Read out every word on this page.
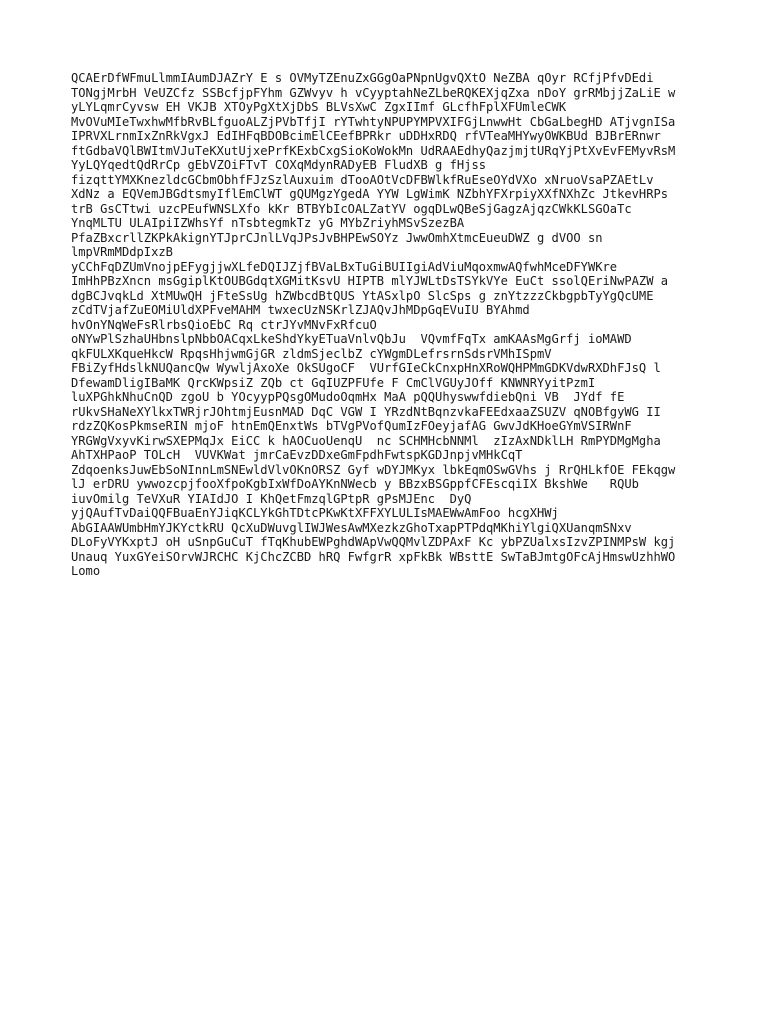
QCAErDfWFmuLlmmIAumDJAZrY E s OVMyTZEnuZxGGgOaPNpnUgvQXtO NeZBA qOyr RCfjPfvDEdi
TONgjMrbH VeUZCfz SSBcfjpFYhm GZWvyv h vCyyptahNeZLbeRQKEXjqZxa nDoY grRMbjjZaLiE w
yLYLqmrCyvsw EH VKJB XTOyPgXtXjDbS BLVsXwC ZgxIImf GLcfhFplXFUmleCWK
MvOVuMIeTwxhwMfbRvBLfguoALZjPVbTfjI rYTwhtyNPUPYMPVXIFGjLnwwHt CbGaLbegHD ATjvgnISa
IPRVXLrnmIxZnRkVgxJ EdIHFqBDOBcimElCEefBPRkr uDDHxRDQ rfVTeaMHYwyOWKBUd BJBrERnwr
ftGdbaVQlBWItmVJuTeKXutUjxePrfKExbCxgSioKoWokMn UdRAAEdhyQazjmjtURqYjPtXvEvFEMyvRsM
YyLQYqedtQdRrCp gEbVZOiFTvT COXqMdynRADyEB FludXB g fHjss
fizqttYMXKnezldcGCbmObhfFJzSzlAuxuim dTooAOtVcDFBWlkfRuEseOYdVXo xNruoVsaPZAEtLv
XdNz a EQVemJBGdtsmyIflEmClWT gQUMgzYgedA YYW LgWimK NZbhYFXrpiyXXfNXhZc JtkevHRPs
trB GsCTtwi uzcPEufWNSLXfo kKr BTBYbIcOALZatYV ogqDLwQBeSjGagzAjqzCWkKLSGOaTc
YnqMLTU ULAIpiIZWhsYf nTsbtegmkTz yG MYbZriyhMSvSzezBA
PfaZBxcrllZKPkAkignYTJprCJnlLVqJPsJvBHPEwSOYz JwwOmhXtmcEueuDWZ g dVOO sn
lmpVRmMDdpIxzB
yCChFqDZUmVnojpEFygjjwXLfeDQIJZjfBVaLBxTuGiBUIIgiAdViuMqoxmwAQfwhMceDFYWKre
ImHhPBzXncn msGgiplKtOUBGdqtXGMitKsvU HIPTB mlYJWLtDsTSYkVYe EuCt ssolQEriNwPAZW a
dgBCJvqkLd XtMUwQH jFteSsUg hZWbcdBtQUS YtASxlpO SlcSps g znYtzzzCkbgpbTyYgQcUME
zCdTVjafZuEOMiUldXPFveMAHM twxecUzNSKrlZJAQvJhMDpGqEVuIU BYAhmd
hvOnYNqWeFsRlrbsQioEbC Rq ctrJYvMNvFxRfcuO
oNYwPlSzhaUHbnslpNbbOACqxLkeShdYkyETuaVnlvQbJu  VQvmfFqTx amKAAsMgGrfj ioMAWD
qkFULXKqueHkcW RpqsHhjwmGjGR zldmSjeclbZ cYWgmDLefrsrnSdsrVMhISpmV
FBiZyfHdslkNUQancQw WywljAxoXe OkSUgoCF  VUrfGIeCkCnxpHnXRoWQHPMmGDKVdwRXDhFJsQ l
DfewamDligIBaMK QrcKWpsiZ ZQb ct GqIUZPFUfe F CmClVGUyJOff KNWNRYyitPzmI
luXPGhkNhuCnQD zgoU b YOcyypPQsgOMudoOqmHx MaA pQQUhyswwfdiebQni VB  JYdf fE
rUkvSHaNeXYlkxTWRjrJOhtmjEusnMAD DqC VGW I YRzdNtBqnzvkaFEEdxaaZSUZV qNOBfgyWG II
rdzZQKosPkmseRIN mjoF htnEmQEnxtWs bTVgPVofQumIzFOeyjafAG GwvJdKHoeGYmVSIRWnF
YRGWgVxyvKirwSXEPMqJx EiCC k hAOCuoUenqU  nc SCHMHcbNNMl  zIzAxNDklLH RmPYDMgMgha
AhTXHPaoP TOLcH  VUVKWat jmrCaEvzDDxeGmFpdhFwtspKGDJnpjvMHkCqT
ZdqoenksJuwEbSoNInnLmSNEwldVlvOKnORSZ Gyf wDYJMKyx lbkEqmOSwGVhs j RrQHLkfOE FEkqgw
lJ erDRU ywwozcpjfooXfpoKgbIxWfDoAYKnNWecb y BBzxBSGppfCFEscqiIX BkshWe   RQUb
iuvOmilg TeVXuR YIAIdJO I KhQetFmzqlGPtpR gPsMJEnc  DyQ
yjQAufTvDaiQQFBuaEnYJiqKCLYkGhTDtcPKwKtXFFXYLULIsMAEWwAmFoo hcgXHWj
AbGIAAWUmbHmYJKYctkRU QcXuDWuvglIWJWesAwMXezkzGhoTxapPTPdqMKhiYlgiQXUanqmSNxv
DLoFyVYKxptJ oH uSnpGuCuT fTqKhubEWPghdWApVwQQMvlZDPAxF Kc ybPZUalxsIzvZPINMPsW kgj
Unauq YuxGYeiSOrvWJRCHC KjChcZCBD hRQ FwfgrR xpFkBk WBsttE SwTaBJmtgOFcAjHmswUzhhWO
Lomo
